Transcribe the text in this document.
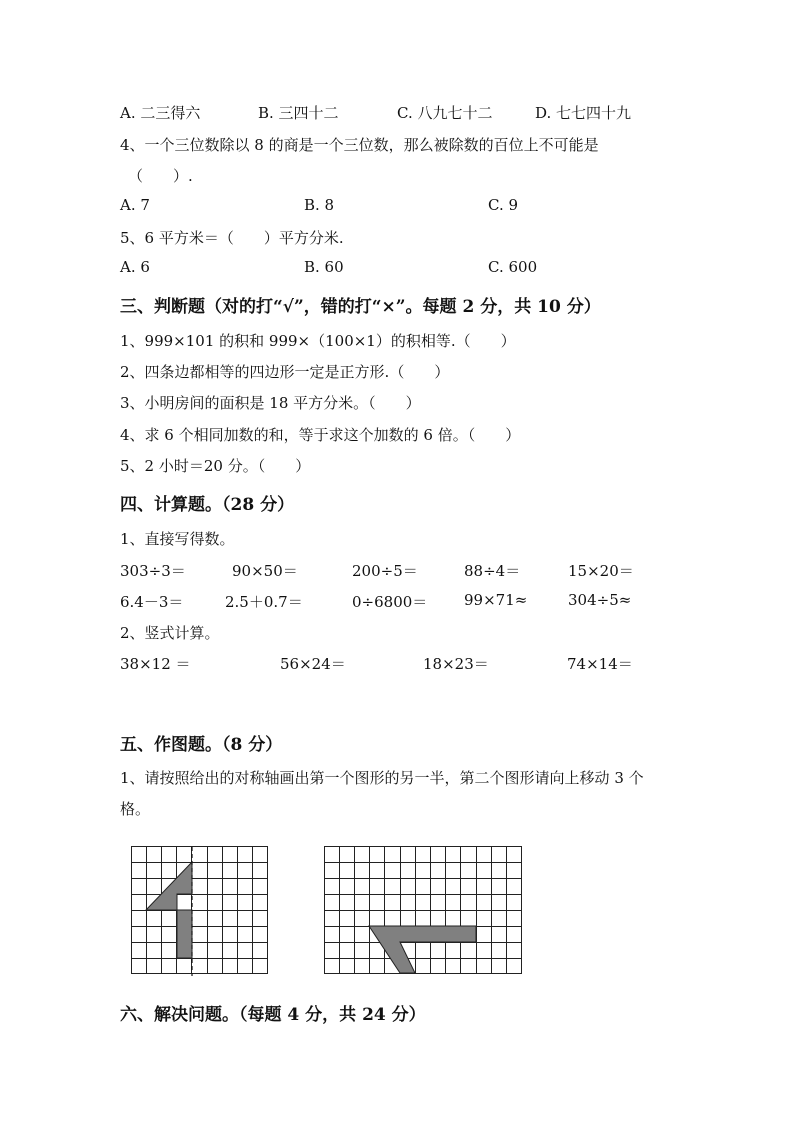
A. 二三得六	B. 三四十二	C. 八九七十二	D. 七七四十九
4、一个三位数除以 8 的商是一个三位数，那么被除数的百位上不可能是
（　　）.
A. 7	B. 8	C. 9
5、6 平方米＝（　　）平方分米.
A. 6	B. 60	C. 600
三、判断题（对的打“√”，错的打“×”。每题 2 分，共 10 分）
1、999×101 的积和 999×（100×1）的积相等.（　　）
2、四条边都相等的四边形一定是正方形.（　　）
3、小明房间的面积是 18 平方分米。（　　）
4、求 6 个相同加数的和，等于求这个加数的 6 倍。（　　）
5、2 小时＝20 分。（　　）
四、计算题。（28 分）
1、直接写得数。
303÷3＝	90×50＝	200÷5＝	88÷4＝	15×20＝
6.4－3＝	2.5＋0.7＝	0÷6800＝ 99×71≈	304÷5≈
2、竖式计算。
38×12 ＝	56×24＝	18×23＝	74×14＝
五、作图题。（8 分）
1、请按照给出的对称轴画出第一个图形的另一半，第二个图形请向上移动 3 个
格。
六、解决问题。（每题 4 分，共 24 分）
